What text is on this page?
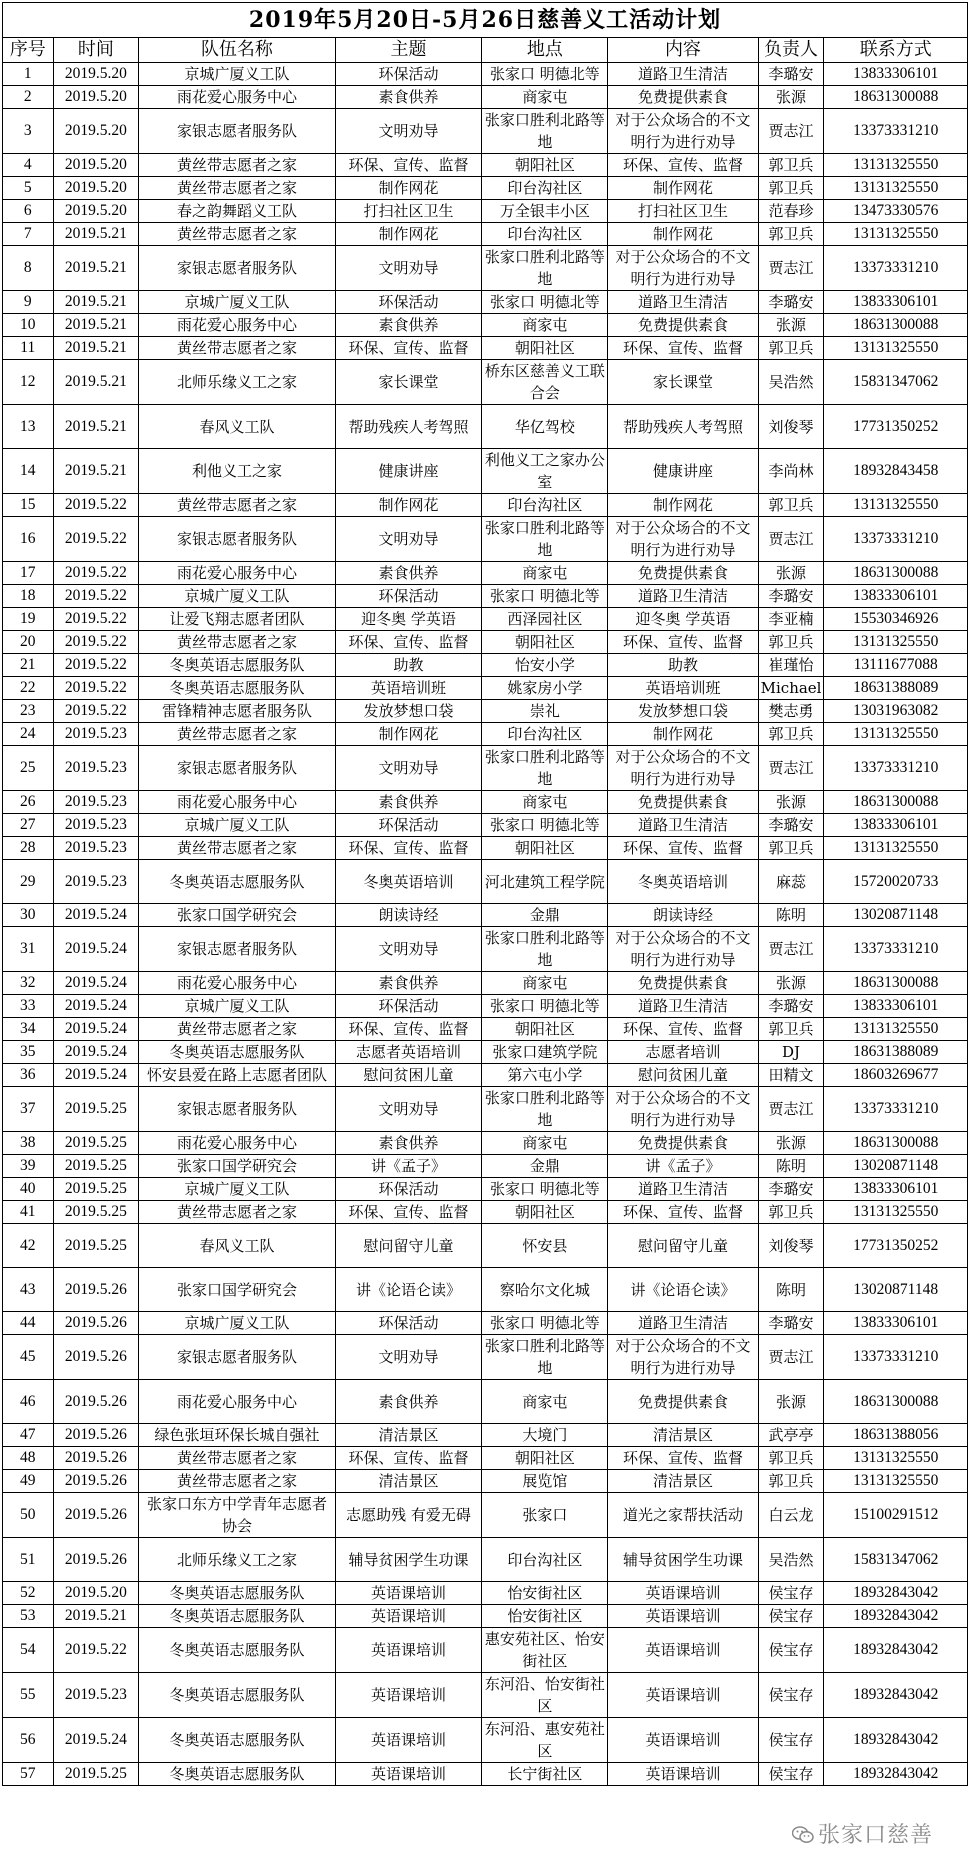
2019年5月20日-5月26日慈善义工活动计划							
序号	时间	队伍名称	主题	地点	内容	负责人	联系方式
1	2019.5.20	京城广厦义工队	环保活动	张家口 明德北等	道路卫生清洁	李璐安	13833306101
2	2019.5.20	雨花爱心服务中心	素食供养	商家屯	免费提供素食	张源	18631300088
3	2019.5.20	家银志愿者服务队	文明劝导	张家口胜利北路等地	对于公众场合的不文明行为进行劝导	贾志江	13373331210
4	2019.5.20	黄丝带志愿者之家	环保、宣传、监督	朝阳社区	环保、宣传、监督	郭卫兵	13131325550
5	2019.5.20	黄丝带志愿者之家	制作网花	印台沟社区	制作网花	郭卫兵	13131325550
6	2019.5.20	春之韵舞蹈义工队	打扫社区卫生	万全银丰小区	打扫社区卫生	范春珍	13473330576
7	2019.5.21	黄丝带志愿者之家	制作网花	印台沟社区	制作网花	郭卫兵	13131325550
8	2019.5.21	家银志愿者服务队	文明劝导	张家口胜利北路等地	对于公众场合的不文明行为进行劝导	贾志江	13373331210
9	2019.5.21	京城广厦义工队	环保活动	张家口 明德北等	道路卫生清洁	李璐安	13833306101
10	2019.5.21	雨花爱心服务中心	素食供养	商家屯	免费提供素食	张源	18631300088
11	2019.5.21	黄丝带志愿者之家	环保、宣传、监督	朝阳社区	环保、宣传、监督	郭卫兵	13131325550
12	2019.5.21	北师乐缘义工之家	家长课堂	桥东区慈善义工联合会	家长课堂	吴浩然	15831347062
13	2019.5.21	春风义工队	帮助残疾人考驾照	华亿驾校	帮助残疾人考驾照	刘俊琴	17731350252
14	2019.5.21	利他义工之家	健康讲座	利他义工之家办公室	健康讲座	李尚林	18932843458
15	2019.5.22	黄丝带志愿者之家	制作网花	印台沟社区	制作网花	郭卫兵	13131325550
16	2019.5.22	家银志愿者服务队	文明劝导	张家口胜利北路等地	对于公众场合的不文明行为进行劝导	贾志江	13373331210
17	2019.5.22	雨花爱心服务中心	素食供养	商家屯	免费提供素食	张源	18631300088
18	2019.5.22	京城广厦义工队	环保活动	张家口 明德北等	道路卫生清洁	李璐安	13833306101
19	2019.5.22	让爱飞翔志愿者团队	迎冬奥 学英语	西泽园社区	迎冬奥 学英语	李亚楠	15530346926
20	2019.5.22	黄丝带志愿者之家	环保、宣传、监督	朝阳社区	环保、宣传、监督	郭卫兵	13131325550
21	2019.5.22	冬奥英语志愿服务队	助教	怡安小学	助教	崔瑾怡	13111677088
22	2019.5.22	冬奥英语志愿服务队	英语培训班	姚家房小学	英语培训班	Michael	18631388089
23	2019.5.22	雷锋精神志愿者服务队	发放梦想口袋	崇礼	发放梦想口袋	樊志勇	13031963082
24	2019.5.23	黄丝带志愿者之家	制作网花	印台沟社区	制作网花	郭卫兵	13131325550
25	2019.5.23	家银志愿者服务队	文明劝导	张家口胜利北路等地	对于公众场合的不文明行为进行劝导	贾志江	13373331210
26	2019.5.23	雨花爱心服务中心	素食供养	商家屯	免费提供素食	张源	18631300088
27	2019.5.23	京城广厦义工队	环保活动	张家口 明德北等	道路卫生清洁	李璐安	13833306101
28	2019.5.23	黄丝带志愿者之家	环保、宣传、监督	朝阳社区	环保、宣传、监督	郭卫兵	13131325550
29	2019.5.23	冬奥英语志愿服务队	冬奥英语培训	河北建筑工程学院	冬奥英语培训	麻蕊	15720020733
30	2019.5.24	张家口国学研究会	朗读诗经	金鼎	朗读诗经	陈明	13020871148
31	2019.5.24	家银志愿者服务队	文明劝导	张家口胜利北路等地	对于公众场合的不文明行为进行劝导	贾志江	13373331210
32	2019.5.24	雨花爱心服务中心	素食供养	商家屯	免费提供素食	张源	18631300088
33	2019.5.24	京城广厦义工队	环保活动	张家口 明德北等	道路卫生清洁	李璐安	13833306101
34	2019.5.24	黄丝带志愿者之家	环保、宣传、监督	朝阳社区	环保、宣传、监督	郭卫兵	13131325550
35	2019.5.24	冬奥英语志愿服务队	志愿者英语培训	张家口建筑学院	志愿者培训	DJ	18631388089
36	2019.5.24	怀安县爱在路上志愿者团队	慰问贫困儿童	第六屯小学	慰问贫困儿童	田精文	18603269677
37	2019.5.25	家银志愿者服务队	文明劝导	张家口胜利北路等地	对于公众场合的不文明行为进行劝导	贾志江	13373331210
38	2019.5.25	雨花爱心服务中心	素食供养	商家屯	免费提供素食	张源	18631300088
39	2019.5.25	张家口国学研究会	讲《孟子》	金鼎	讲《孟子》	陈明	13020871148
40	2019.5.25	京城广厦义工队	环保活动	张家口 明德北等	道路卫生清洁	李璐安	13833306101
41	2019.5.25	黄丝带志愿者之家	环保、宣传、监督	朝阳社区	环保、宣传、监督	郭卫兵	13131325550
42	2019.5.25	春风义工队	慰问留守儿童	怀安县	慰问留守儿童	刘俊琴	17731350252
43	2019.5.26	张家口国学研究会	讲《论语仑读》	察哈尔文化城	讲《论语仑读》	陈明	13020871148
44	2019.5.26	京城广厦义工队	环保活动	张家口 明德北等	道路卫生清洁	李璐安	13833306101
45	2019.5.26	家银志愿者服务队	文明劝导	张家口胜利北路等地	对于公众场合的不文明行为进行劝导	贾志江	13373331210
46	2019.5.26	雨花爱心服务中心	素食供养	商家屯	免费提供素食	张源	18631300088
47	2019.5.26	绿色张垣环保长城自强社	清洁景区	大境门	清洁景区	武亭亭	18631388056
48	2019.5.26	黄丝带志愿者之家	环保、宣传、监督	朝阳社区	环保、宣传、监督	郭卫兵	13131325550
49	2019.5.26	黄丝带志愿者之家	清洁景区	展览馆	清洁景区	郭卫兵	13131325550
50	2019.5.26	张家口东方中学青年志愿者协会	志愿助残 有爱无碍	张家口	道光之家帮扶活动	白云龙	15100291512
51	2019.5.26	北师乐缘义工之家	辅导贫困学生功课	印台沟社区	辅导贫困学生功课	吴浩然	15831347062
52	2019.5.20	冬奥英语志愿服务队	英语课培训	怡安街社区	英语课培训	侯宝存	18932843042
53	2019.5.21	冬奥英语志愿服务队	英语课培训	怡安街社区	英语课培训	侯宝存	18932843042
54	2019.5.22	冬奥英语志愿服务队	英语课培训	惠安苑社区、怡安街社区	英语课培训	侯宝存	18932843042
55	2019.5.23	冬奥英语志愿服务队	英语课培训	东河沿、怡安街社区	英语课培训	侯宝存	18932843042
56	2019.5.24	冬奥英语志愿服务队	英语课培训	东河沿、惠安苑社区	英语课培训	侯宝存	18932843042
57	2019.5.25	冬奥英语志愿服务队	英语课培训	长宁街社区	英语课培训	侯宝存	18932843042
张家口慈善
